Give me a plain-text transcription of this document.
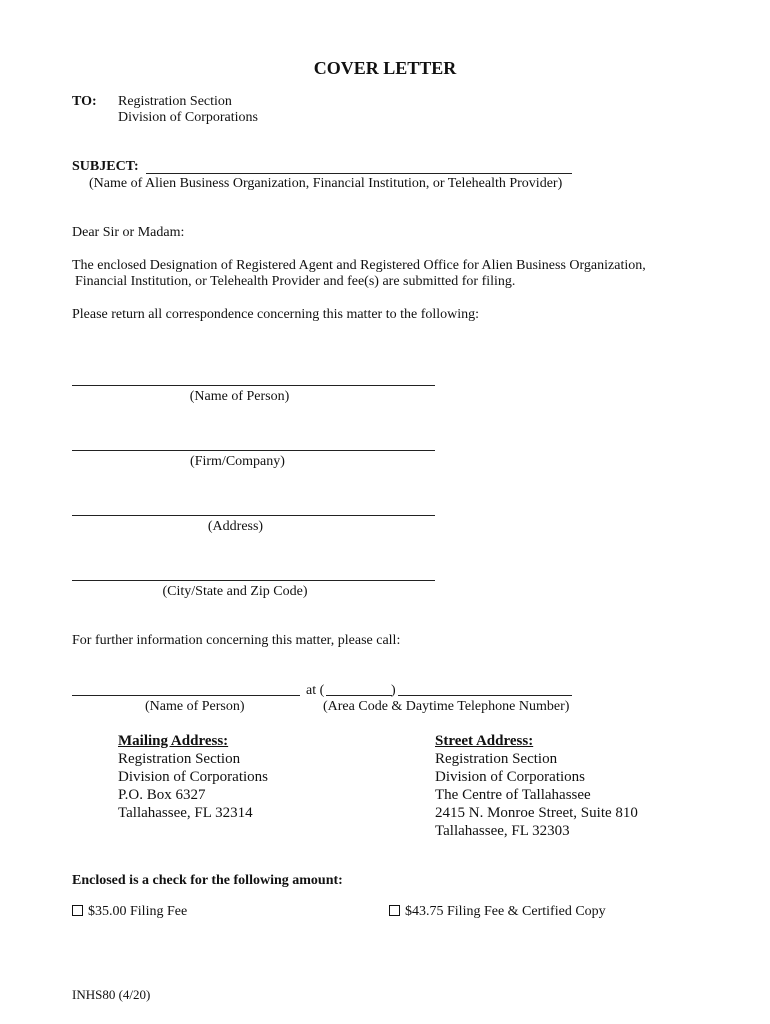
COVER LETTER
TO: Registration Section
Division of Corporations
SUBJECT:
(Name of Alien Business Organization, Financial Institution, or Telehealth Provider)
Dear Sir or Madam:
The enclosed Designation of Registered Agent and Registered Office for Alien Business Organization,
Financial Institution, or Telehealth Provider and fee(s) are submitted for filing.
Please return all correspondence concerning this matter to the following:
(Name of Person)
(Firm/Company)
(Address)
(City/State and Zip Code)
For further information concerning this matter, please call:
at (	)
(Name of Person)	(Area Code & Daytime Telephone Number)
Mailing Address:
Registration Section
Division of Corporations
P.O. Box 6327
Tallahassee, FL 32314
Street Address:
Registration Section
Division of Corporations
The Centre of Tallahassee
2415 N. Monroe Street, Suite 810
Tallahassee, FL 32303
Enclosed is a check for the following amount:
$35.00 Filing Fee	$43.75 Filing Fee & Certified Copy
INHS80 (4/20)
